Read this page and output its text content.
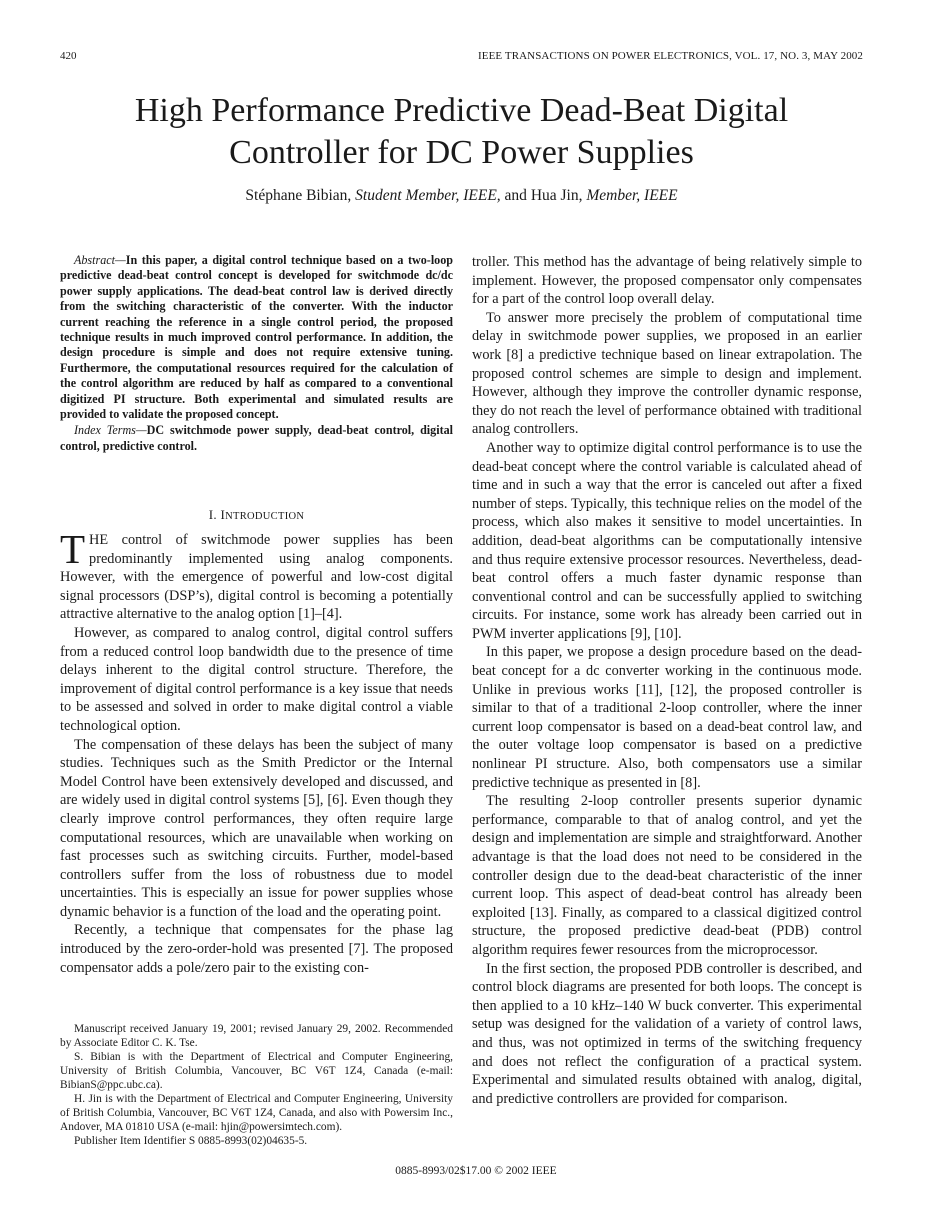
420	IEEE TRANSACTIONS ON POWER ELECTRONICS, VOL. 17, NO. 3, MAY 2002
High Performance Predictive Dead-Beat Digital
Controller for DC Power Supplies
Stéphane Bibian, Student Member, IEEE, and Hua Jin, Member, IEEE

Abstract—In this paper, a digital control technique based on a two-loop predictive dead-beat control concept is developed for switchmode dc/dc power supply applications. The dead-beat control law is derived directly from the switching characteristic of the converter. With the inductor current reaching the reference in a single control period, the proposed technique results in much improved control performance. In addition, the design procedure is simple and does not require extensive tuning. Furthermore, the computational resources required for the calculation of the control algorithm are reduced by half as compared to a conventional digitized PI structure. Both experimental and simulated results are provided to validate the proposed concept.

Index Terms—DC switchmode power supply, dead-beat control, digital control, predictive control.

I. INTRODUCTION

THE control of switchmode power supplies has been predominantly implemented using analog components. However, with the emergence of powerful and low-cost digital signal processors (DSP’s), digital control is becoming a potentially attractive alternative to the analog option [1]–[4].

However, as compared to analog control, digital control suffers from a reduced control loop bandwidth due to the presence of time delays inherent to the digital control structure. Therefore, the improvement of digital control performance is a key issue that needs to be assessed and solved in order to make digital control a viable technological option.

The compensation of these delays has been the subject of many studies. Techniques such as the Smith Predictor or the Internal Model Control have been extensively developed and discussed, and are widely used in digital control systems [5], [6]. Even though they clearly improve control performances, they often require large computational resources, which are unavailable when working on fast processes such as switching circuits. Further, model-based controllers suffer from the loss of robustness due to model uncertainties. This is especially an issue for power supplies whose dynamic behavior is a function of the load and the operating point.

Recently, a technique that compensates for the phase lag introduced by the zero-order-hold was presented [7]. The proposed compensator adds a pole/zero pair to the existing con-

Manuscript received January 19, 2001; revised January 29, 2002. Recommended by Associate Editor C. K. Tse.

S. Bibian is with the Department of Electrical and Computer Engineering, University of British Columbia, Vancouver, BC V6T 1Z4, Canada (e-mail: BibianS@ppc.ubc.ca).

H. Jin is with the Department of Electrical and Computer Engineering, University of British Columbia, Vancouver, BC V6T 1Z4, Canada, and also with Powersim Inc., Andover, MA 01810 USA (e-mail: hjin@powersimtech.com).

Publisher Item Identifier S 0885-8993(02)04635-5.

troller. This method has the advantage of being relatively simple to implement. However, the proposed compensator only compensates for a part of the control loop overall delay.

To answer more precisely the problem of computational time delay in switchmode power supplies, we proposed in an earlier work [8] a predictive technique based on linear extrapolation. The proposed control schemes are simple to design and implement. However, although they improve the controller dynamic response, they do not reach the level of performance obtained with traditional analog controllers.

Another way to optimize digital control performance is to use the dead-beat concept where the control variable is calculated ahead of time and in such a way that the error is canceled out after a fixed number of steps. Typically, this technique relies on the model of the process, which also makes it sensitive to model uncertainties. In addition, dead-beat algorithms can be computationally intensive and thus require extensive processor resources. Nevertheless, dead-beat control offers a much faster dynamic response than conventional control and can be successfully applied to switching circuits. For instance, some work has already been carried out in PWM inverter applications [9], [10].

In this paper, we propose a design procedure based on the dead-beat concept for a dc converter working in the continuous mode. Unlike in previous works [11], [12], the proposed controller is similar to that of a traditional 2-loop controller, where the inner current loop compensator is based on a dead-beat control law, and the outer voltage loop compensator is based on a predictive nonlinear PI structure. Also, both compensators use a similar predictive technique as presented in [8].

The resulting 2-loop controller presents superior dynamic performance, comparable to that of analog control, and yet the design and implementation are simple and straightforward. Another advantage is that the load does not need to be considered in the controller design due to the dead-beat characteristic of the inner current loop. This aspect of dead-beat control has already been exploited [13]. Finally, as compared to a classical digitized control structure, the proposed predictive dead-beat (PDB) control algorithm requires fewer resources from the microprocessor.

In the first section, the proposed PDB controller is described, and control block diagrams are presented for both loops. The concept is then applied to a 10 kHz–140 W buck converter. This experimental setup was designed for the validation of a variety of control laws, and thus, was not optimized in terms of the switching frequency and does not reflect the configuration of a practical system. Experimental and simulated results obtained with analog, digital, and predictive controllers are provided for comparison.

0885-8993/02$17.00 © 2002 IEEE
